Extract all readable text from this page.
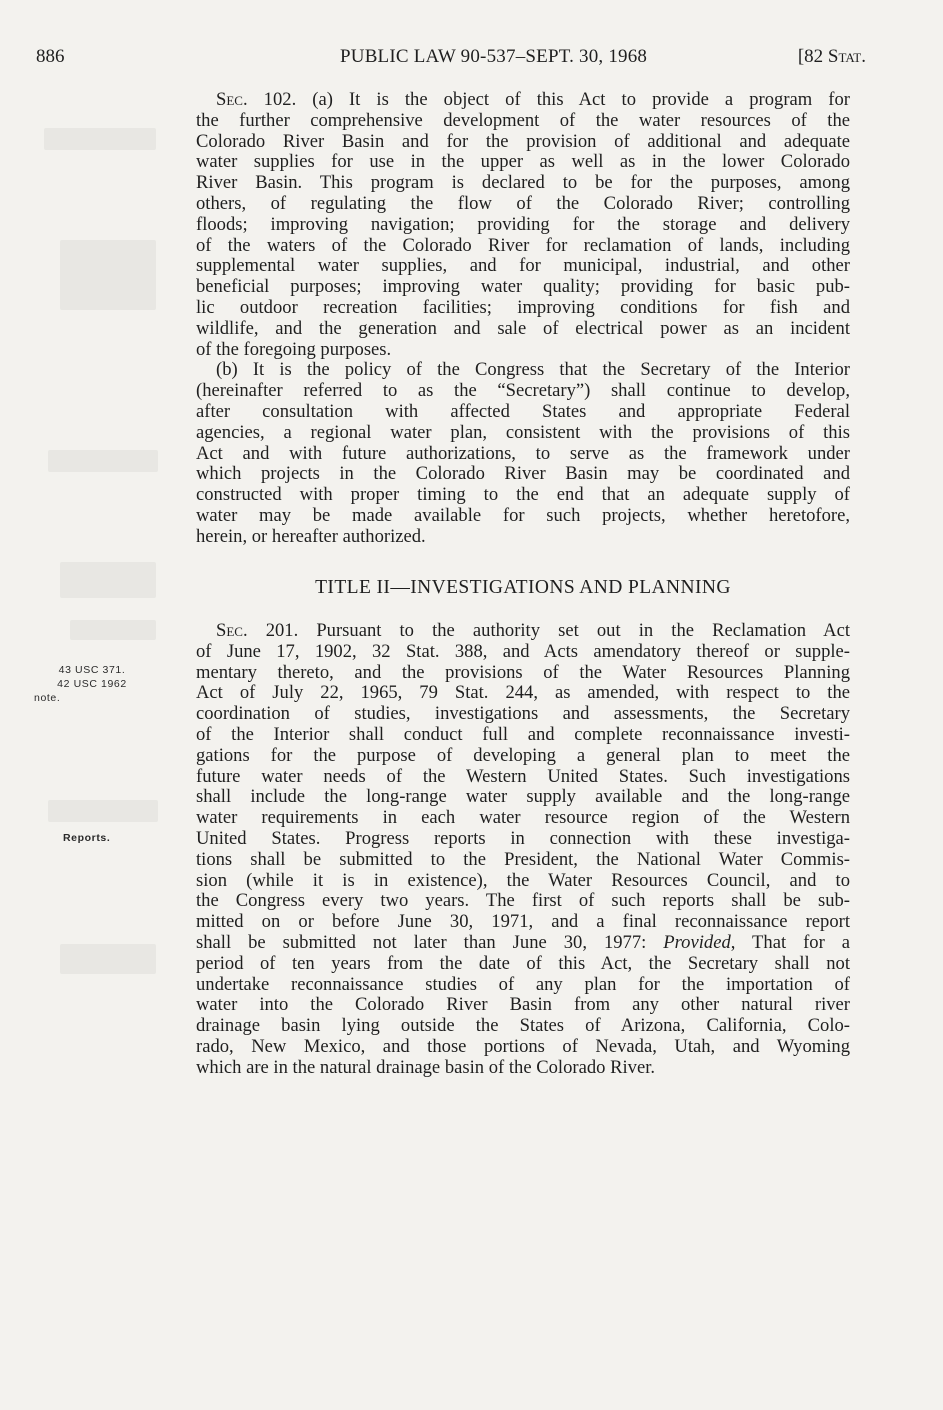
886	PUBLIC LAW 90-537–SEPT. 30, 1968	[82 Stat.
Sec. 102. (a) It is the object of this Act to provide a program for
the further comprehensive development of the water resources of the
Colorado River Basin and for the provision of additional and adequate
water supplies for use in the upper as well as in the lower Colorado
River Basin. This program is declared to be for the purposes, among
others, of regulating the flow of the Colorado River; controlling
floods; improving navigation; providing for the storage and delivery
of the waters of the Colorado River for reclamation of lands, including
supplemental water supplies, and for municipal, industrial, and other
beneficial purposes; improving water quality; providing for basic pub-
lic outdoor recreation facilities; improving conditions for fish and
wildlife, and the generation and sale of electrical power as an incident
of the foregoing purposes.
(b) It is the policy of the Congress that the Secretary of the Interior
(hereinafter referred to as the “Secretary”) shall continue to develop,
after consultation with affected States and appropriate Federal
agencies, a regional water plan, consistent with the provisions of this
Act and with future authorizations, to serve as the framework under
which projects in the Colorado River Basin may be coordinated and
constructed with proper timing to the end that an adequate supply of
water may be made available for such projects, whether heretofore,
herein, or hereafter authorized.
TITLE II—INVESTIGATIONS AND PLANNING
Sec. 201. Pursuant to the authority set out in the Reclamation Act
of June 17, 1902, 32 Stat. 388, and Acts amendatory thereof or supple-
mentary thereto, and the provisions of the Water Resources Planning
Act of July 22, 1965, 79 Stat. 244, as amended, with respect to the
coordination of studies, investigations and assessments, the Secretary
of the Interior shall conduct full and complete reconnaissance investi-
gations for the purpose of developing a general plan to meet the
future water needs of the Western United States. Such investigations
shall include the long-range water supply available and the long-range
water requirements in each water resource region of the Western
United States. Progress reports in connection with these investiga-
tions shall be submitted to the President, the National Water Commis-
sion (while it is in existence), the Water Resources Council, and to
the Congress every two years. The first of such reports shall be sub-
mitted on or before June 30, 1971, and a final reconnaissance report
shall be submitted not later than June 30, 1977: Provided, That for a
period of ten years from the date of this Act, the Secretary shall not
undertake reconnaissance studies of any plan for the importation of
water into the Colorado River Basin from any other natural river
drainage basin lying outside the States of Arizona, California, Colo-
rado, New Mexico, and those portions of Nevada, Utah, and Wyoming
which are in the natural drainage basin of the Colorado River.
43 USC 371.
42 USC 1962
note.
Reports.
